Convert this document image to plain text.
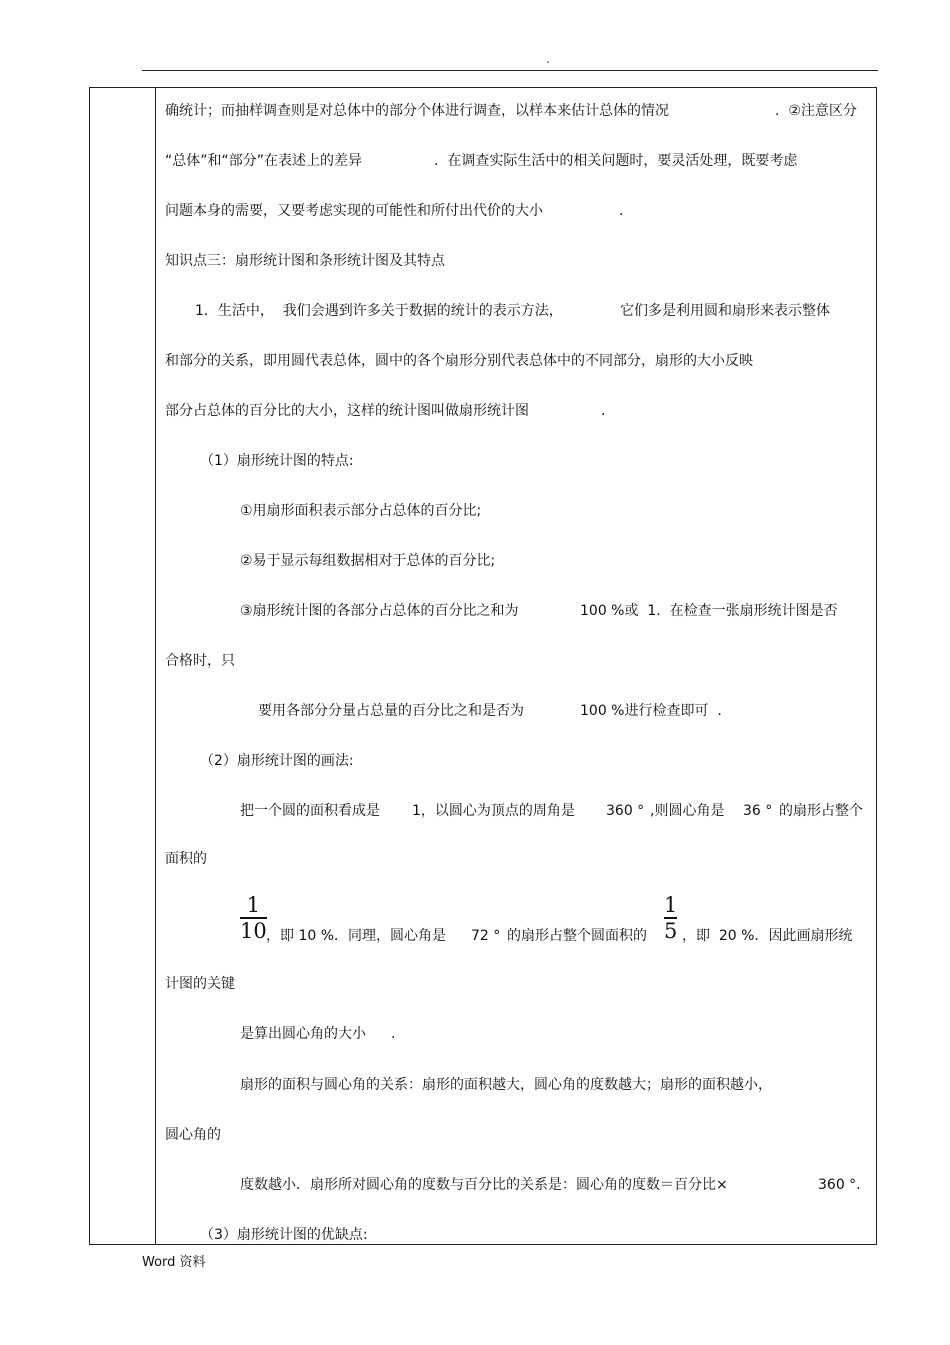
.
确统计；而抽样调查则是对总体中的部分个体进行调查，以样本来估计总体的情况	.  ②注意区分
“总体”和“部分”在表述上的差异	.  在调查实际生活中的相关问题时，要灵活处理，既要考虑
问题本身的需要，又要考虑实现的可能性和所付出代价的大小	.
知识点三：扇形统计图和条形统计图及其特点
1．生活中，  我们会遇到许多关于数据的统计的表示方法，	它们多是利用圆和扇形来表示整体
和部分的关系，即用圆代表总体，圆中的各个扇形分别代表总体中的不同部分，扇形的大小反映
部分占总体的百分比的大小，这样的统计图叫做扇形统计图	.
（1）扇形统计图的特点:
①用扇形面积表示部分占总体的百分比;
②易于显示每组数据相对于总体的百分比;
③扇形统计图的各部分占总体的百分比之和为	100 %或  1.  在检查一张扇形统计图是否
合格时，只
要用各部分分量占总量的百分比之和是否为	100 %进行检查即可  .
（2）扇形统计图的画法:
把一个圆的面积看成是 1，以圆心为顶点的周角是 360 ° ,则圆心角是 36 ° 的扇形占整个
面积的
1
10 ，即 10 %．同理，圆心角是 72 ° 的扇形占整个圆面积的
1
5 ，即  20 %．因此画扇形统
计图的关键
是算出圆心角的大小 .
扇形的面积与圆心角的关系：扇形的面积越大，圆心角的度数越大；扇形的面积越小，
圆心角的
度数越小．扇形所对圆心角的度数与百分比的关系是：圆心角的度数＝百分比×	360 °.
（3）扇形统计图的优缺点:
Word 资料
